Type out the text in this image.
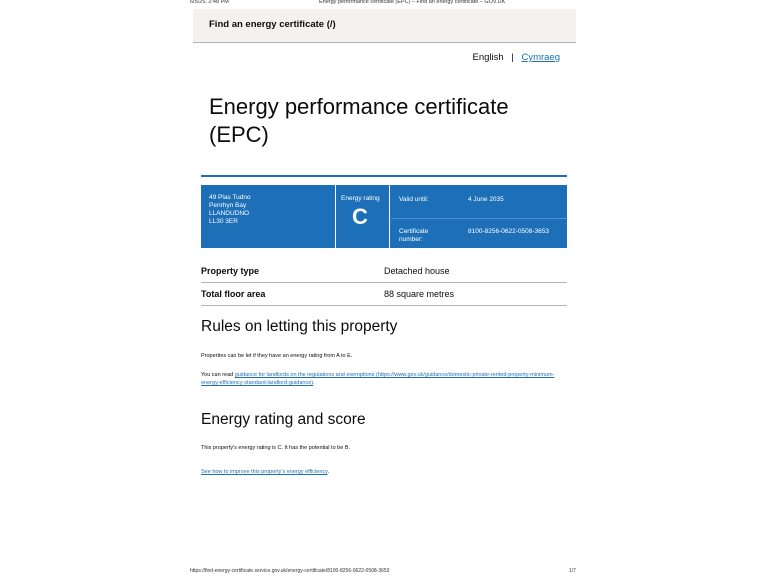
6/5/25, 2:48 PM	Energy performance certificate (EPC) – Find an energy certificate – GOV.UK
Find an energy certificate (/)
English | Cymraeg
Energy performance certificate (EPC)
49 Plas Tudno
Penrhyn Bay
LLANDUDNO
LL30 3ER
Energy rating
C
Valid until:	4 June 2035
Certificate number:
8100-8256-0622-0508-3653
Property type	Detached house
Total floor area	88 square metres
Rules on letting this property
Properties can be let if they have an energy rating from A to E.
You can read guidance for landlords on the regulations and exemptions (https://www.gov.uk/guidance/domestic-private-rented-property-minimum-energy-efficiency-standard-landlord-guidance).
Energy rating and score
This property's energy rating is C. It has the potential to be B.
See how to improve this property's energy efficiency.
https://find-energy-certificate.service.gov.uk/energy-certificate/8100-8256-0622-0508-3653	1/7
